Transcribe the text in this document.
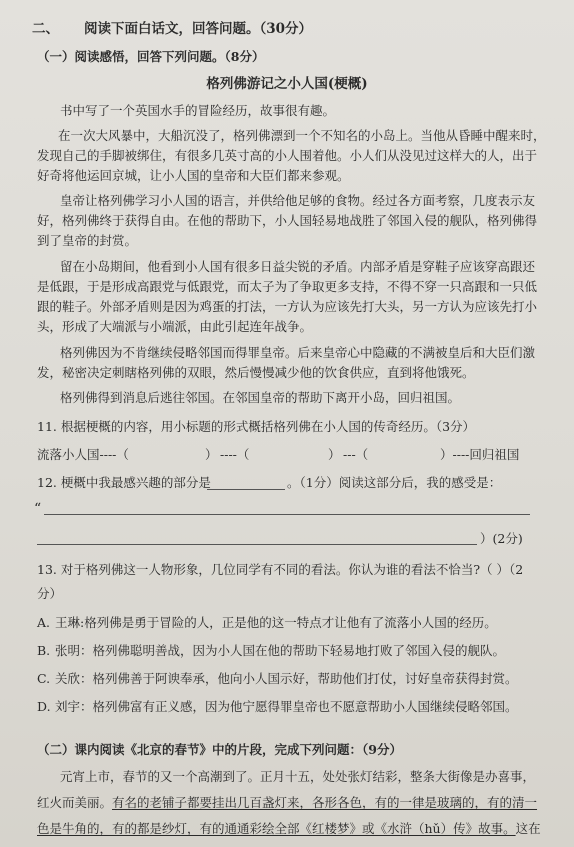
二、 阅读下面白话文，回答问题。（30分）
（一）阅读感悟，回答下列问题。（8分）
格列佛游记之小人国(梗概)
书中写了一个英国水手的冒险经历，故事很有趣。
在一次大风暴中，大船沉没了，格列佛漂到一个不知名的小岛上。当他从昏睡中醒来时，
发现自己的手脚被绑住，有很多几英寸高的小人围着他。小人们从没见过这样大的人，出于
好奇将他运回京城，让小人国的皇帝和大臣们都来参观。
皇帝让格列佛学习小人国的语言，并供给他足够的食物。经过各方面考察，几度表示友
好，格列佛终于获得自由。在他的帮助下，小人国轻易地战胜了邻国入侵的舰队，格列佛得
到了皇帝的封赏。
留在小岛期间，他看到小人国有很多日益尖锐的矛盾。内部矛盾是穿鞋子应该穿高跟还
是低跟，于是形成高跟党与低跟党，而太子为了争取更多支持，不得不穿一只高跟和一只低
跟的鞋子。外部矛盾则是因为鸡蛋的打法，一方认为应该先打大头，另一方认为应该先打小
头，形成了大端派与小端派，由此引起连年战争。
格列佛因为不肯继续侵略邻国而得罪皇帝。后来皇帝心中隐藏的不满被皇后和大臣们激
发，秘密决定刺瞎格列佛的双眼，然后慢慢减少他的饮食供应，直到将他饿死。
格列佛得到消息后逃往邻国。在邻国皇帝的帮助下离开小岛，回归祖国。
11. 根据梗概的内容，用小标题的形式概括格列佛在小人国的传奇经历。（3分）
流落小人国----（	） ----（	） ---（	）----回归祖国
12. 梗概中我最感兴趣的部分是	。（1分）阅读这部分后，我的感受是：
“
）(2分)
13. 对于格列佛这一人物形象，几位同学有不同的看法。你认为谁的看法不恰当?（ ）（2
分）
A. 王琳:格列佛是勇于冒险的人，正是他的这一特点才让他有了流落小人国的经历。
B. 张明：格列佛聪明善战，因为小人国在他的帮助下轻易地打败了邻国入侵的舰队。
C. 关欣：格列佛善于阿谀奉承，他向小人国示好，帮助他们打仗，讨好皇帝获得封赏。
D. 刘宇：格列佛富有正义感，因为他宁愿得罪皇帝也不愿意帮助小人国继续侵略邻国。
（二）课内阅读《北京的春节》中的片段，完成下列问题：（9分）
元宵上市，春节的又一个高潮到了。正月十五，处处张灯结彩，整条大街像是办喜事，
红火而美丽。有名的老铺子都要挂出几百盏灯来，各形各色，有的一律是玻璃的，有的清一
色是牛角的，有的都是纱灯，有的通通彩绘全部《红楼梦》或《水浒（hǔ）传》故事。这在
